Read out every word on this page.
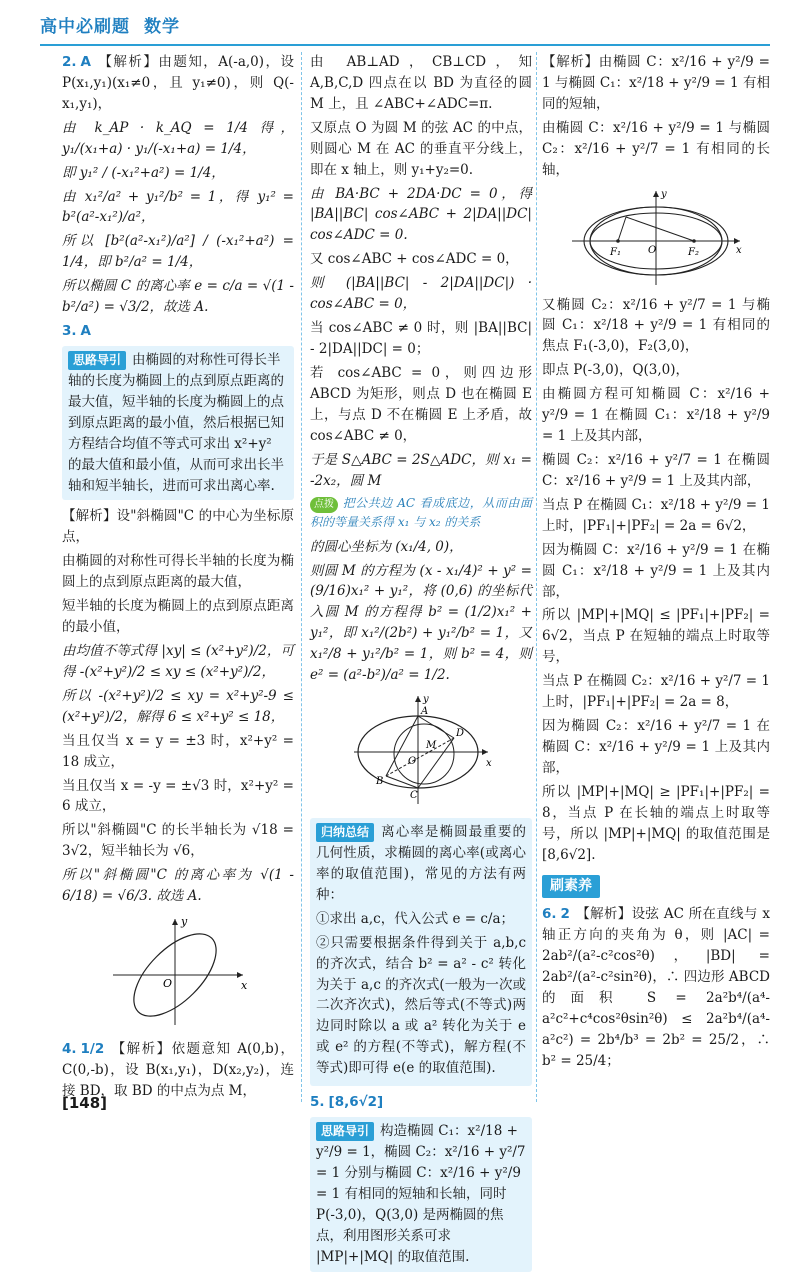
高中必刷题 数学

2. A 【解析】由题知，A(-a,0)，设 P(x₁,y₁)(x₁≠0，且 y₁≠0)，则 Q(-x₁,y₁)，

由 k_AP · k_AQ = 1/4 得，y₁/(x₁+a) · y₁/(-x₁+a) = 1/4，

即 y₁² / (-x₁²+a²) = 1/4，

由 x₁²/a² + y₁²/b² = 1，得 y₁² = b²(a²-x₁²)/a²，

所以 [b²(a²-x₁²)/a²] / (-x₁²+a²) = 1/4，即 b²/a² = 1/4，

所以椭圆 C 的离心率 e = c/a = √(1 - b²/a²) = √3/2，故选 A.

3. A

思路导引 由椭圆的对称性可得长半轴的长度为椭圆上的点到原点距离的最大值，短半轴的长度为椭圆上的点到原点距离的最小值，然后根据已知方程结合均值不等式可求出 x²+y² 的最大值和最小值，从而可求出长半轴和短半轴长，进而可求出离心率.

【解析】设"斜椭圆"C 的中心为坐标原点，

由椭圆的对称性可得长半轴的长度为椭圆上的点到原点距离的最大值，

短半轴的长度为椭圆上的点到原点距离的最小值，

由均值不等式得 |xy| ≤ (x²+y²)/2，可得 -(x²+y²)/2 ≤ xy ≤ (x²+y²)/2，

所以 -(x²+y²)/2 ≤ xy = x²+y²-9 ≤ (x²+y²)/2，解得 6 ≤ x²+y² ≤ 18，

当且仅当 x = y = ±3 时，x²+y² = 18 成立，

当且仅当 x = -y = ±√3 时，x²+y² = 6 成立，

所以"斜椭圆"C 的长半轴长为 √18 = 3√2，短半轴长为 √6，

所以"斜椭圆"C 的离心率为 √(1 - 6/18) = √6/3. 故选 A.

O	x
y

4. 1/2 【解析】依题意知 A(0,b)，C(0,-b)，设 B(x₁,y₁)，D(x₂,y₂)，连接 BD，取 BD 的中点为点 M，

由 AB⊥AD，CB⊥CD，知 A,B,C,D 四点在以 BD 为直径的圆 M 上，且 ∠ABC+∠ADC=π.

又原点 O 为圆 M 的弦 AC 的中点，则圆心 M 在 AC 的垂直平分线上，即在 x 轴上，则 y₁+y₂=0.

由 BA·BC + 2DA·DC = 0，得 |BA||BC| cos∠ABC + 2|DA||DC| cos∠ADC = 0.

又 cos∠ABC + cos∠ADC = 0，

则 (|BA||BC| - 2|DA||DC|) · cos∠ABC = 0，

当 cos∠ABC ≠ 0 时，则 |BA||BC| - 2|DA||DC| = 0；

若 cos∠ABC = 0，则四边形 ABCD 为矩形，则点 D 也在椭圆 E 上，与点 D 不在椭圆 E 上矛盾，故 cos∠ABC ≠ 0，

于是 S△ABC = 2S△ADC，则 x₁ = -2x₂，圆 M

点拨 把公共边 AC 看成底边，从而由面积的等量关系得 x₁ 与 x₂ 的关系

的圆心坐标为 (x₁/4, 0)，

则圆 M 的方程为 (x - x₁/4)² + y² = (9/16)x₁² + y₁²，将 (0,6) 的坐标代入圆 M 的方程得 b² = (1/2)x₁² + y₁²，即 x₁²/(2b²) + y₁²/b² = 1，又 x₁²/8 + y₁²/b² = 1，则 b² = 4，则 e² = (a²-b²)/a² = 1/2.

A
B
C
D
M
O	x
y

归纳总结 离心率是椭圆最重要的几何性质，求椭圆的离心率(或离心率的取值范围)，常见的方法有两种：

①求出 a,c，代入公式 e = c/a；

②只需要根据条件得到关于 a,b,c 的齐次式，结合 b² = a² - c² 转化为关于 a,c 的齐次式(一般为一次或二次齐次式)，然后等式(不等式)两边同时除以 a 或 a² 转化为关于 e 或 e² 的方程(不等式)，解方程(不等式)即可得 e(e 的取值范围).

5. [8,6√2]

思路导引 构造椭圆 C₁：x²/18 + y²/9 = 1，椭圆 C₂：x²/16 + y²/7 = 1 分别与椭圆 C：x²/16 + y²/9 = 1 有相同的短轴和长轴，同时 P(-3,0)，Q(3,0) 是两椭圆的焦点，利用图形关系可求 |MP|+|MQ| 的取值范围.

【解析】由椭圆 C：x²/16 + y²/9 = 1 与椭圆 C₁：x²/18 + y²/9 = 1 有相同的短轴，

由椭圆 C：x²/16 + y²/9 = 1 与椭圆 C₂：x²/16 + y²/7 = 1 有相同的长轴，

F₁	F₂
O	x
y

又椭圆 C₂：x²/16 + y²/7 = 1 与椭圆 C₁：x²/18 + y²/9 = 1 有相同的焦点 F₁(-3,0)，F₂(3,0)，

即点 P(-3,0)，Q(3,0)，

由椭圆方程可知椭圆 C：x²/16 + y²/9 = 1 在椭圆 C₁：x²/18 + y²/9 = 1 上及其内部，

椭圆 C₂：x²/16 + y²/7 = 1 在椭圆 C：x²/16 + y²/9 = 1 上及其内部，

当点 P 在椭圆 C₁：x²/18 + y²/9 = 1 上时，|PF₁|+|PF₂| = 2a = 6√2，

因为椭圆 C：x²/16 + y²/9 = 1 在椭圆 C₁：x²/18 + y²/9 = 1 上及其内部，

所以 |MP|+|MQ| ≤ |PF₁|+|PF₂| = 6√2，当点 P 在短轴的端点上时取等号，

当点 P 在椭圆 C₂：x²/16 + y²/7 = 1 上时，|PF₁|+|PF₂| = 2a = 8，

因为椭圆 C₂：x²/16 + y²/7 = 1 在椭圆 C：x²/16 + y²/9 = 1 上及其内部，

所以 |MP|+|MQ| ≥ |PF₁|+|PF₂| = 8，当点 P 在长轴的端点上时取等号，所以 |MP|+|MQ| 的取值范围是 [8,6√2].

刷素养

6. 2 【解析】设弦 AC 所在直线与 x 轴正方向的夹角为 θ，则 |AC| = 2ab²/(a²-c²cos²θ)，|BD| = 2ab²/(a²-c²sin²θ)，∴ 四边形 ABCD 的面积 S = 2a²b⁴/(a⁴-a²c²+c⁴cos²θsin²θ) ≤ 2a²b⁴/(a⁴-a²c²) = 2b⁴/b³ = 2b² = 25/2，∴ b² = 25/4；

[148]
